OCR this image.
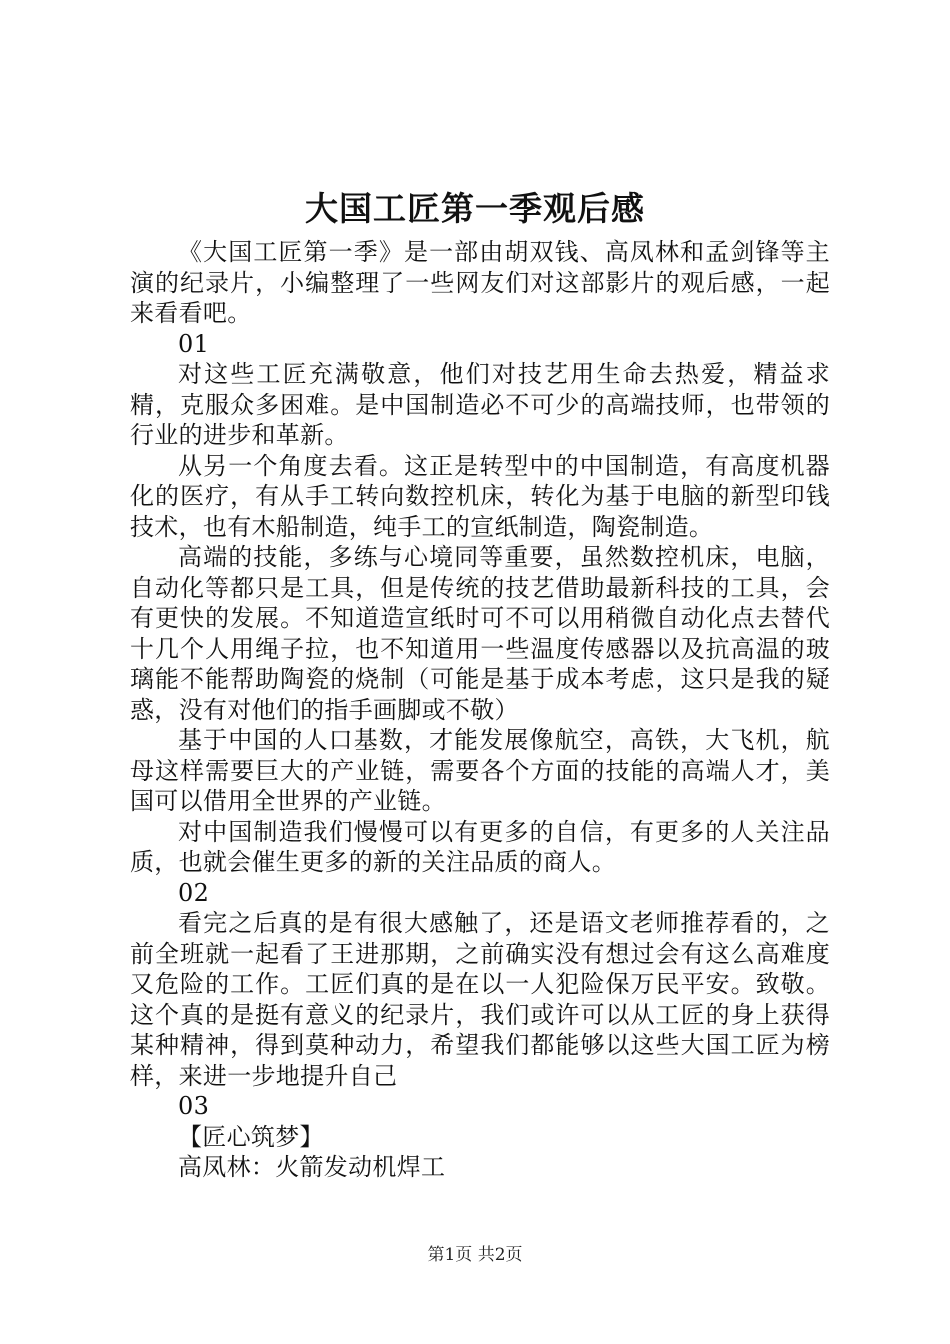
大国工匠第一季观后感

《大国工匠第一季》是一部由胡双钱、高凤林和孟剑锋等主演的纪录片，小编整理了一些网友们对这部影片的观后感，一起来看看吧。

01

对这些工匠充满敬意，他们对技艺用生命去热爱，精益求精，克服众多困难。是中国制造必不可少的高端技师，也带领的行业的进步和革新。

从另一个角度去看。这正是转型中的中国制造，有高度机器化的医疗，有从手工转向数控机床，转化为基于电脑的新型印钱技术，也有木船制造，纯手工的宣纸制造，陶瓷制造。

高端的技能，多练与心境同等重要，虽然数控机床，电脑，自动化等都只是工具，但是传统的技艺借助最新科技的工具，会有更快的发展。不知道造宣纸时可不可以用稍微自动化点去替代十几个人用绳子拉，也不知道用一些温度传感器以及抗高温的玻璃能不能帮助陶瓷的烧制（可能是基于成本考虑，这只是我的疑惑，没有对他们的指手画脚或不敬）

基于中国的人口基数，才能发展像航空，高铁，大飞机，航母这样需要巨大的产业链，需要各个方面的技能的高端人才，美国可以借用全世界的产业链。

对中国制造我们慢慢可以有更多的自信，有更多的人关注品质，也就会催生更多的新的关注品质的商人。

02

看完之后真的是有很大感触了，还是语文老师推荐看的，之前全班就一起看了王进那期，之前确实没有想过会有这么高难度又危险的工作。工匠们真的是在以一人犯险保万民平安。致敬。这个真的是挺有意义的纪录片，我们或许可以从工匠的身上获得某种精神，得到莫种动力，希望我们都能够以这些大国工匠为榜样，来进一步地提升自己

03

【匠心筑梦】

高凤林：火箭发动机焊工

第1页 共2页
